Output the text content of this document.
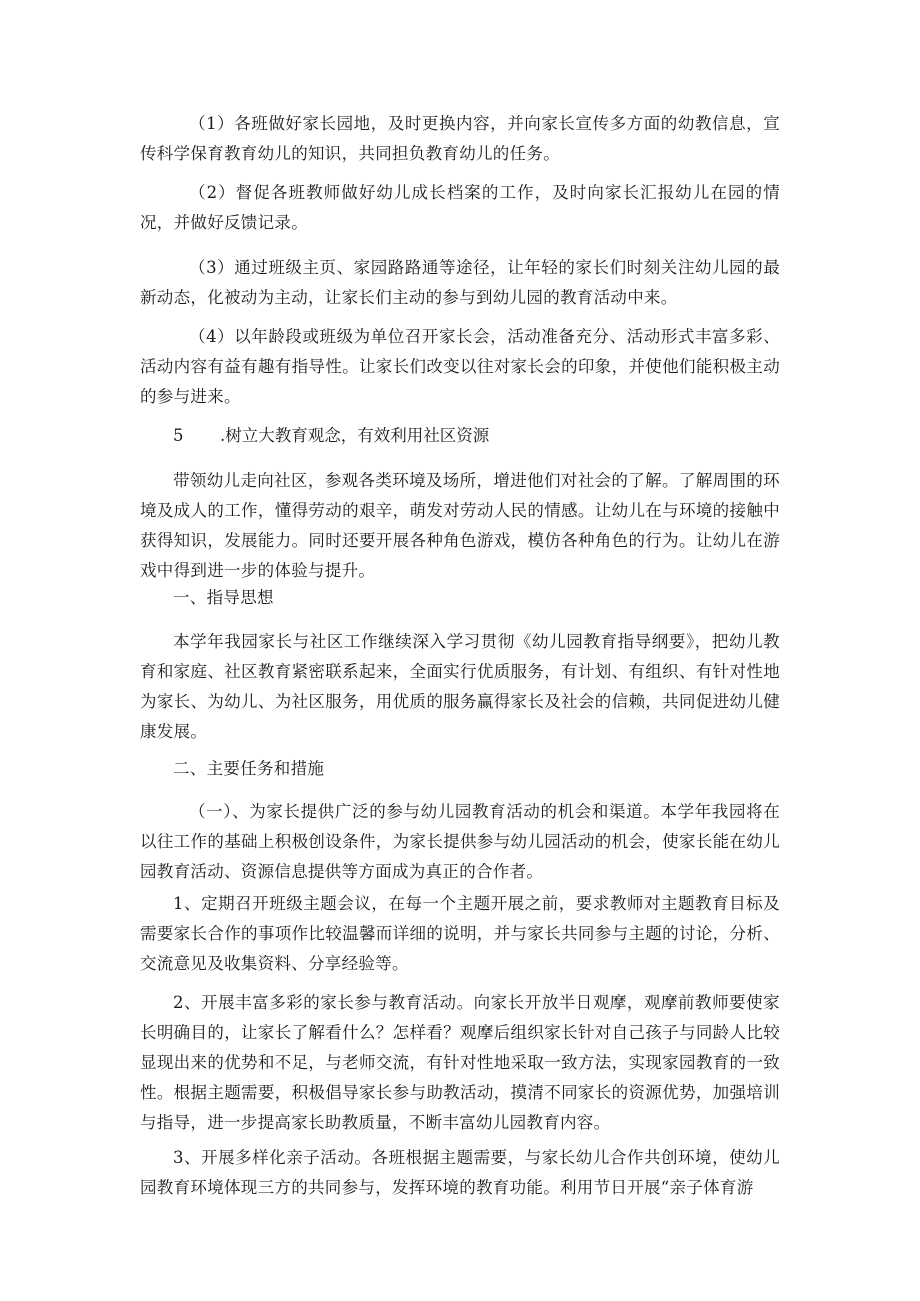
（1）各班做好家长园地，及时更换内容，并向家长宣传多方面的幼教信息，宣传科学保育教育幼儿的知识，共同担负教育幼儿的任务。

（2）督促各班教师做好幼儿成长档案的工作，及时向家长汇报幼儿在园的情况，并做好反馈记录。

（3）通过班级主页、家园路路通等途径，让年轻的家长们时刻关注幼儿园的最新动态，化被动为主动，让家长们主动的参与到幼儿园的教育活动中来。

（4）以年龄段或班级为单位召开家长会，活动准备充分、活动形式丰富多彩、活动内容有益有趣有指导性。让家长们改变以往对家长会的印象，并使他们能积极主动的参与进来。

5 .树立大教育观念，有效利用社区资源

带领幼儿走向社区，参观各类环境及场所，增进他们对社会的了解。了解周围的环境及成人的工作，懂得劳动的艰辛，萌发对劳动人民的情感。让幼儿在与环境的接触中获得知识，发展能力。同时还要开展各种角色游戏，模仿各种角色的行为。让幼儿在游戏中得到进一步的体验与提升。

一、指导思想

本学年我园家长与社区工作继续深入学习贯彻《幼儿园教育指导纲要》，把幼儿教育和家庭、社区教育紧密联系起来，全面实行优质服务，有计划、有组织、有针对性地为家长、为幼儿、为社区服务，用优质的服务赢得家长及社会的信赖，共同促进幼儿健康发展。

二、主要任务和措施

（一）、为家长提供广泛的参与幼儿园教育活动的机会和渠道。本学年我园将在以往工作的基础上积极创设条件，为家长提供参与幼儿园活动的机会，使家长能在幼儿园教育活动、资源信息提供等方面成为真正的合作者。

1、定期召开班级主题会议，在每一个主题开展之前，要求教师对主题教育目标及需要家长合作的事项作比较温馨而详细的说明，并与家长共同参与主题的讨论，分析、交流意见及收集资料、分享经验等。

2、开展丰富多彩的家长参与教育活动。向家长开放半日观摩，观摩前教师要使家长明确目的，让家长了解看什么？怎样看？观摩后组织家长针对自己孩子与同龄人比较显现出来的优势和不足，与老师交流，有针对性地采取一致方法，实现家园教育的一致性。根据主题需要，积极倡导家长参与助教活动，摸清不同家长的资源优势，加强培训与指导，进一步提高家长助教质量，不断丰富幼儿园教育内容。

3、开展多样化亲子活动。各班根据主题需要，与家长幼儿合作共创环境，使幼儿园教育环境体现三方的共同参与，发挥环境的教育功能。利用节日开展“亲子体育游
